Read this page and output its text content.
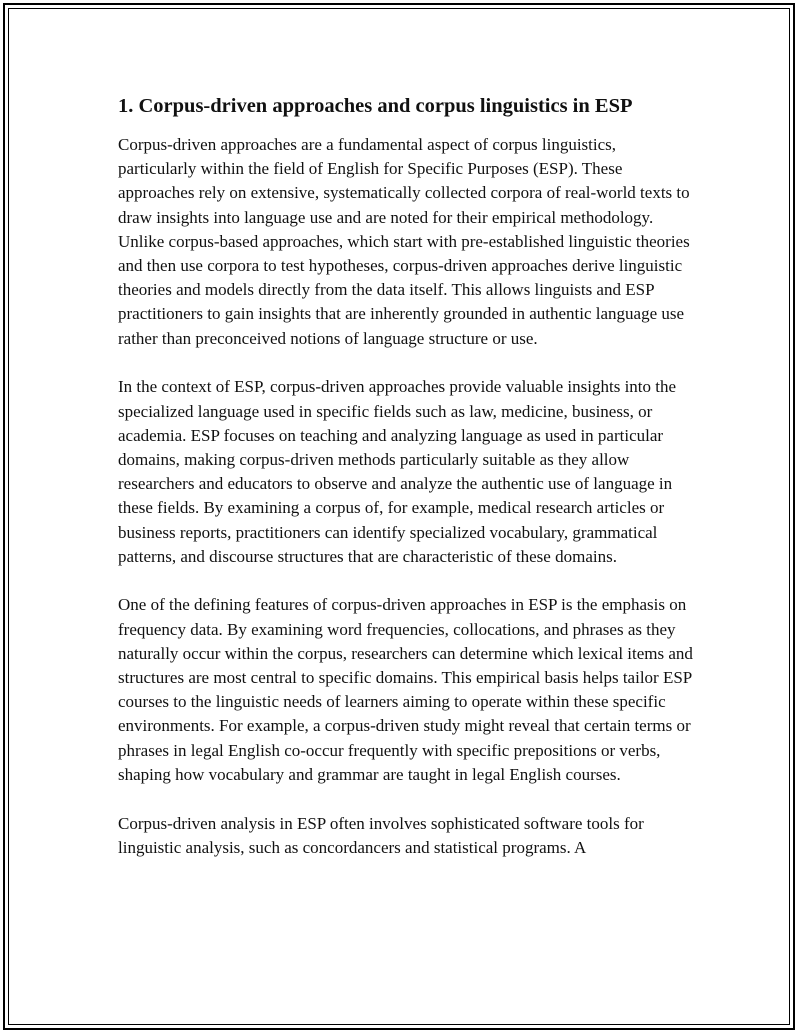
1. Corpus-driven approaches and corpus linguistics in ESP

Corpus-driven approaches are a fundamental aspect of corpus linguistics, particularly within the field of English for Specific Purposes (ESP). These approaches rely on extensive, systematically collected corpora of real-world texts to draw insights into language use and are noted for their empirical methodology. Unlike corpus-based approaches, which start with pre-established linguistic theories and then use corpora to test hypotheses, corpus-driven approaches derive linguistic theories and models directly from the data itself. This allows linguists and ESP practitioners to gain insights that are inherently grounded in authentic language use rather than preconceived notions of language structure or use.

In the context of ESP, corpus-driven approaches provide valuable insights into the specialized language used in specific fields such as law, medicine, business, or academia. ESP focuses on teaching and analyzing language as used in particular domains, making corpus-driven methods particularly suitable as they allow researchers and educators to observe and analyze the authentic use of language in these fields. By examining a corpus of, for example, medical research articles or business reports, practitioners can identify specialized vocabulary, grammatical patterns, and discourse structures that are characteristic of these domains.

One of the defining features of corpus-driven approaches in ESP is the emphasis on frequency data. By examining word frequencies, collocations, and phrases as they naturally occur within the corpus, researchers can determine which lexical items and structures are most central to specific domains. This empirical basis helps tailor ESP courses to the linguistic needs of learners aiming to operate within these specific environments. For example, a corpus-driven study might reveal that certain terms or phrases in legal English co-occur frequently with specific prepositions or verbs, shaping how vocabulary and grammar are taught in legal English courses.

Corpus-driven analysis in ESP often involves sophisticated software tools for linguistic analysis, such as concordancers and statistical programs. A
